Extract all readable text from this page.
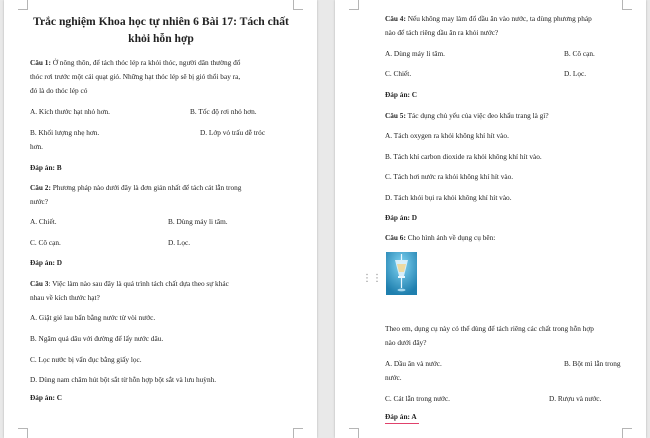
Trắc nghiệm Khoa học tự nhiên 6 Bài 17: Tách chất khỏi hỗn hợp
Câu 1: Ở nông thôn, để tách thóc lép ra khỏi thóc, người dân thường đổ
thóc rơi trước một cái quạt gió. Những hạt thóc lép sẽ bị gió thổi bay ra,
đó là do thóc lép có
A. Kích thước hạt nhỏ hơn.	B. Tốc độ rơi nhỏ hơn.
B. Khối lượng nhẹ hơn.	D. Lớp vỏ trấu dễ tróc
hơn.
Đáp án: B
Câu 2: Phương pháp nào dưới đây là đơn giản nhất để tách cát lẫn trong
nước?
A. Chiết.	B. Dùng máy li tâm.
C. Cô cạn.	D. Lọc.
Đáp án: D
Câu 3: Việc làm nào sau đây là quá trình tách chất dựa theo sự khác
nhau về kích thước hạt?
A. Giặt giẻ lau bẩn bằng nước từ vòi nước.
B. Ngâm quả dâu với đường để lấy nước dâu.
C. Lọc nước bị vẩn đục bằng giấy lọc.
D. Dùng nam châm hút bột sắt từ hỗn hợp bột sắt và lưu huỳnh.
Đáp án: C
Câu 4: Nếu không may làm đổ dầu ăn vào nước, ta dùng phương pháp
nào để tách riêng dầu ăn ra khỏi nước?
A. Dùng máy li tâm.	B. Cô cạn.
C. Chiết.	D. Lọc.
Đáp án: C
Câu 5: Tác dụng chủ yếu của việc đeo khẩu trang là gì?
A. Tách oxygen ra khỏi không khí hít vào.
B. Tách khí carbon dioxide ra khỏi không khí hít vào.
C. Tách hơi nước ra khỏi không khí hít vào.
D. Tách khói bụi ra khỏi không khí hít vào.
Đáp án: D
Câu 6: Cho hình ảnh về dụng cụ bên:
Theo em, dụng cụ này có thể dùng để tách riêng các chất trong hỗn hợp
nào dưới đây?
A. Dầu ăn và nước.	B. Bột mì lẫn trong
nước.
C. Cát lẫn trong nước.	D. Rượu và nước.
Đáp án: A
⋮⋮
